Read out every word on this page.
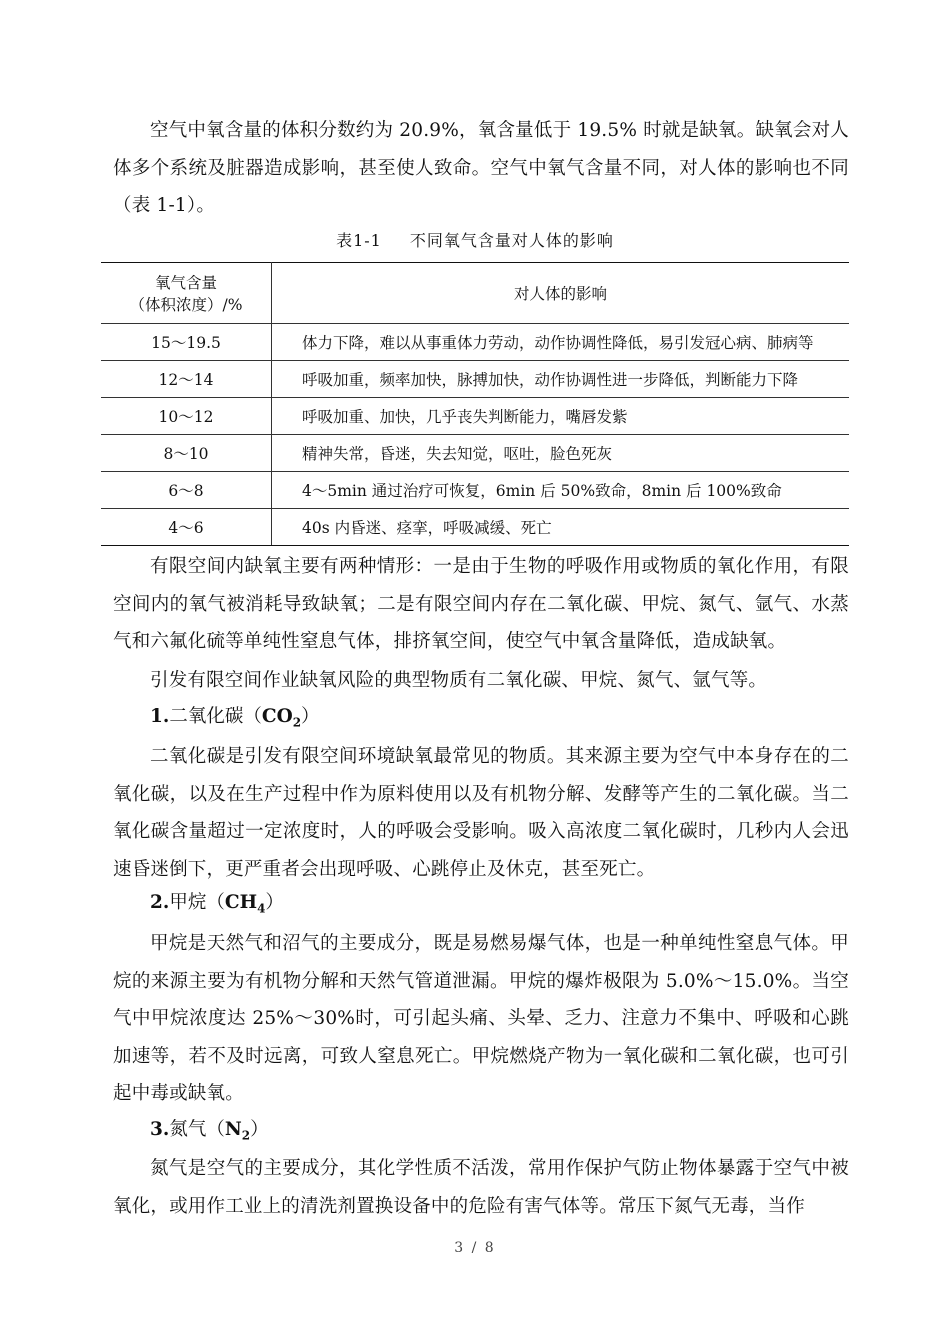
空气中氧含量的体积分数约为 20.9%，氧含量低于 19.5% 时就是缺氧。缺氧会对人体多个系统及脏器造成影响，甚至使人致命。空气中氧气含量不同，对人体的影响也不同（表 1-1）。

表1-1 不同氧气含量对人体的影响
氧气含量
（体积浓度）/%	对人体的影响
15～19.5	体力下降，难以从事重体力劳动，动作协调性降低，易引发冠心病、肺病等
12～14	呼吸加重，频率加快，脉搏加快，动作协调性进一步降低，判断能力下降
10～12	呼吸加重、加快，几乎丧失判断能力，嘴唇发紫
8～10	精神失常，昏迷，失去知觉，呕吐，脸色死灰
6～8	4～5min 通过治疗可恢复，6min 后 50%致命，8min 后 100%致命
4～6	40s 内昏迷、痉挛，呼吸减缓、死亡

有限空间内缺氧主要有两种情形：一是由于生物的呼吸作用或物质的氧化作用，有限空间内的氧气被消耗导致缺氧；二是有限空间内存在二氧化碳、甲烷、氮气、氩气、水蒸气和六氟化硫等单纯性窒息气体，排挤氧空间，使空气中氧含量降低，造成缺氧。

引发有限空间作业缺氧风险的典型物质有二氧化碳、甲烷、氮气、氩气等。

1.二氧化碳$(CO_2)$

二氧化碳是引发有限空间环境缺氧最常见的物质。其来源主要为空气中本身存在的二氧化碳，以及在生产过程中作为原料使用以及有机物分解、发酵等产生的二氧化碳。当二氧化碳含量超过一定浓度时，人的呼吸会受影响。吸入高浓度二氧化碳时，几秒内人会迅速昏迷倒下，更严重者会出现呼吸、心跳停止及休克，甚至死亡。

2.甲烷$(CH_4)$

甲烷是天然气和沼气的主要成分，既是易燃易爆气体，也是一种单纯性窒息气体。甲烷的来源主要为有机物分解和天然气管道泄漏。甲烷的爆炸极限为 5.0%～15.0%。当空气中甲烷浓度达 25%～30%时，可引起头痛、头晕、乏力、注意力不集中、呼吸和心跳加速等，若不及时远离，可致人窒息死亡。甲烷燃烧产物为一氧化碳和二氧化碳，也可引起中毒或缺氧。

3.氮气$(N_2)$

氮气是空气的主要成分，其化学性质不活泼，常用作保护气防止物体暴露于空气中被氧化，或用作工业上的清洗剂置换设备中的危险有害气体等。常压下氮气无毒，当作

3 / 8
